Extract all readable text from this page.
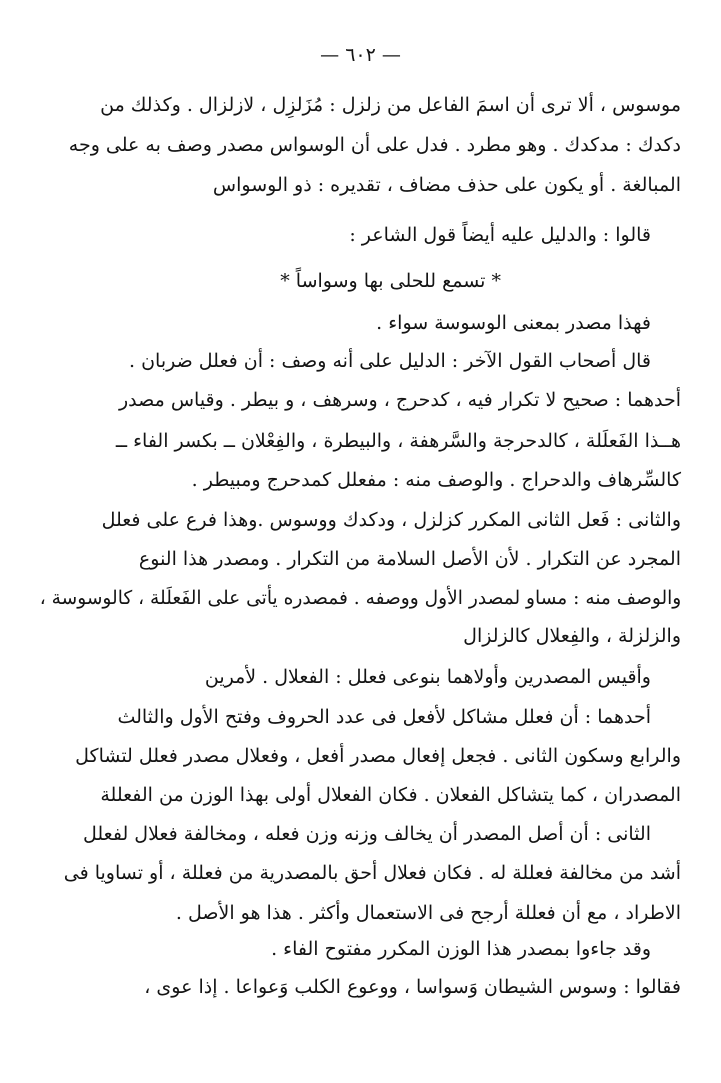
— ٦٠٢ —
موسوس ، ألا ترى أن اسمَ الفاعل من زلزل : مُزَلزِل ، لازلزال . وكذلك من
دكدك : مدكدك . وهو مطرد . فدل على أن الوسواس مصدر وصف به على وجه
المبالغة . أو يكون على حذف مضاف ، تقديره : ذو الوسواس
قالوا : والدليل عليه أيضاً قول الشاعر :
* تسمع للحلى بها وسواساً *
فهذا مصدر بمعنى الوسوسة سواء .
قال أصحاب القول الآخر : الدليل على أنه وصف : أن فعلل ضربان .
أحدهما : صحيح لا تكرار فيه ، كدحرج ، وسرهف ، و بيطر . وقياس مصدر
هــذا الفَعلَلة ، كالدحرجة والسَّرهفة ، والبيطرة ، والفِعْلان ــ بكسر الفاء ــ
كالسِّرهاف والدحراج . والوصف منه : مفعلل كمدحرج ومبيطر .
والثانى : فَعل الثانى المكرر كزلزل ، ودكدك ووسوس .وهذا فرع على فعلل
المجرد عن التكرار . لأن الأصل السلامة من التكرار . ومصدر هذا النوع
والوصف منه : مساو لمصدر الأول ووصفه . فمصدره يأتى على الفَعلَلة ، كالوسوسة ،
والزلزلة ، والفِعلال كالزلزال
وأقيس المصدرين وأولاهما بنوعى فعلل : الفعلال . لأمرين
أحدهما : أن فعلل مشاكل لأفعل فى عدد الحروف وفتح الأول والثالث
والرابع وسكون الثانى . فجعل إفعال مصدر أفعل ، وفعلال مصدر فعلل لتشاكل
المصدران ، كما يتشاكل الفعلان . فكان الفعلال أولى بهذا الوزن من الفعللة
الثانى : أن أصل المصدر أن يخالف وزنه وزن فعله ، ومخالفة فعلال لفعلل
أشد من مخالفة فعللة له . فكان فعلال أحق بالمصدرية من فعللة ، أو تساويا فى
الاطراد ، مع أن فعللة أرجح فى الاستعمال وأكثر . هذا هو الأصل .
وقد جاءوا بمصدر هذا الوزن المكرر مفتوح الفاء .
فقالوا : وسوس الشيطان وَسواسا ، ووعوع الكلب وَعواعا . إذا عوى ،
